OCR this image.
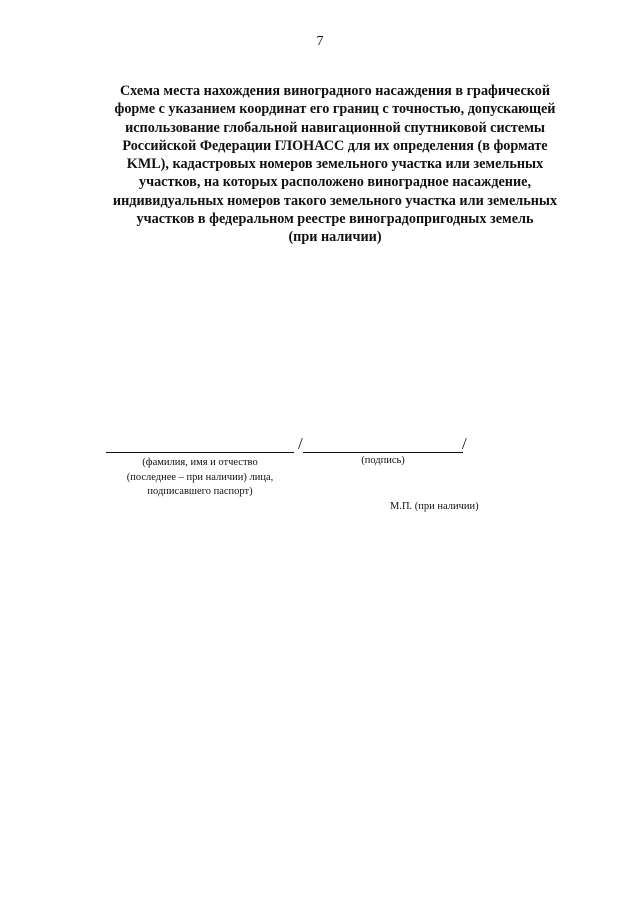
7
Схема места нахождения виноградного насаждения в графической
форме с указанием координат его границ с точностью, допускающей
использование глобальной навигационной спутниковой системы
Российской Федерации ГЛОНАСС для их определения (в формате
KML), кадастровых номеров земельного участка или земельных
участков, на которых расположено виноградное насаждение,
индивидуальных номеров такого земельного участка или земельных
участков в федеральном реестре виноградопригодных земель
(при наличии)
/	/
(фамилия, имя и отчество
(последнее – при наличии) лица,
подписавшего паспорт)
(подпись)
М.П. (при наличии)
